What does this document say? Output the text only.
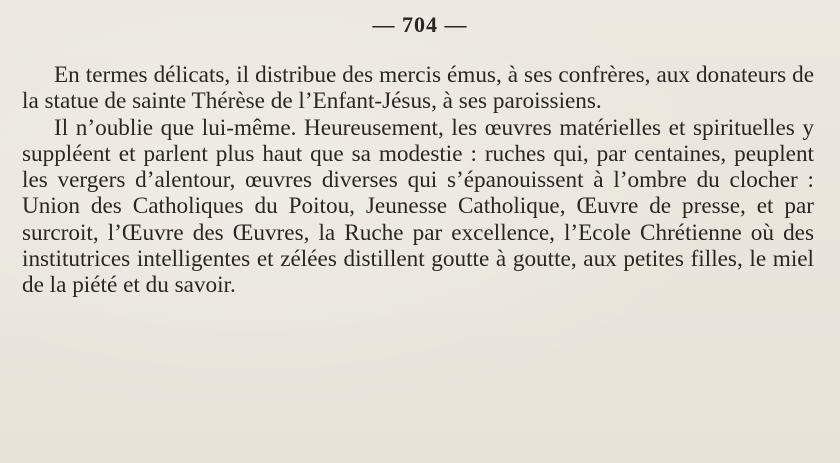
— 704 —

En termes délicats, il distribue des mercis émus, à ses confrères, aux donateurs de la statue de sainte Thérèse de l’Enfant-Jésus, à ses paroissiens.

Il n’oublie que lui-même. Heureusement, les œuvres matérielles et spirituelles y suppléent et parlent plus haut que sa modestie : ruches qui, par centaines, peuplent les vergers d’alentour, œuvres diverses qui s’épanouissent à l’ombre du clocher : Union des Catholiques du Poitou, Jeunesse Catholique, Œuvre de presse, et par surcroit, l’Œuvre des Œuvres, la Ruche par excellence, l’Ecole Chrétienne où des institutrices intelligentes et zélées distillent goutte à goutte, aux petites filles, le miel de la piété et du savoir.
